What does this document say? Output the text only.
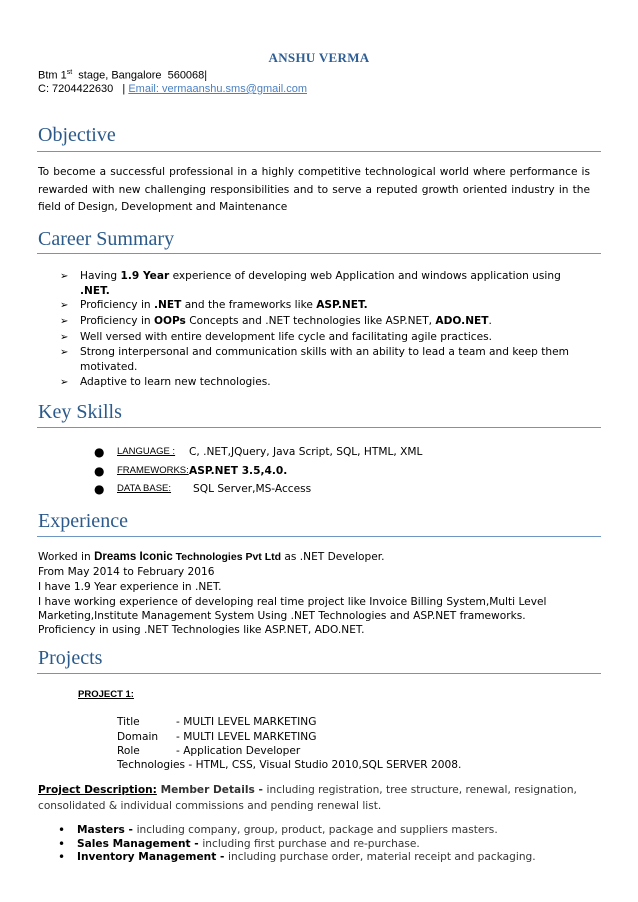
ANSHU VERMA
Btm 1st  stage, Bangalore  560068|
C: 7204422630   | Email: vermaanshu.sms@gmail.com
Objective
To become a successful professional in a highly competitive technological world where performance is rewarded with new challenging responsibilities and to serve a reputed growth oriented industry in the field of Design, Development and Maintenance
Career Summary
➢ Having 1.9 Year experience of developing web Application and windows application using
.NET.
➢ Proficiency in .NET and the frameworks like ASP.NET.
➢ Proficiency in OOPs Concepts and .NET technologies like ASP.NET, ADO.NET.
➢ Well versed with entire development life cycle and facilitating agile practices.
➢ Strong interpersonal and communication skills with an ability to lead a team and keep them
motivated.
➢ Adaptive to learn new technologies.
Key Skills
● LANGUAGE : C, .NET,JQuery, Java Script, SQL, HTML, XML
● FRAMEWORKS: ASP.NET 3.5,4.0.
● DATA BASE: SQL Server,MS-Access
Experience
Worked in Dreams Iconic Technologies Pvt Ltd as .NET Developer.
From May 2014 to February 2016
I have 1.9 Year experience in .NET.
I have working experience of developing real time project like Invoice Billing System,Multi Level
Marketing,Institute Management System Using .NET Technologies and ASP.NET frameworks.
Proficiency in using .NET Technologies like ASP.NET, ADO.NET.
Projects
PROJECT 1:
Title	- MULTI LEVEL MARKETING
Domain - MULTI LEVEL MARKETING
Role	- Application Developer
Technologies - HTML, CSS, Visual Studio 2010,SQL SERVER 2008.
Project Description: Member Details - including registration, tree structure, renewal, resignation,
consolidated & individual commissions and pending renewal list.
• Masters - including company, group, product, package and suppliers masters.
• Sales Management - including first purchase and re-purchase.
• Inventory Management - including purchase order, material receipt and packaging.
